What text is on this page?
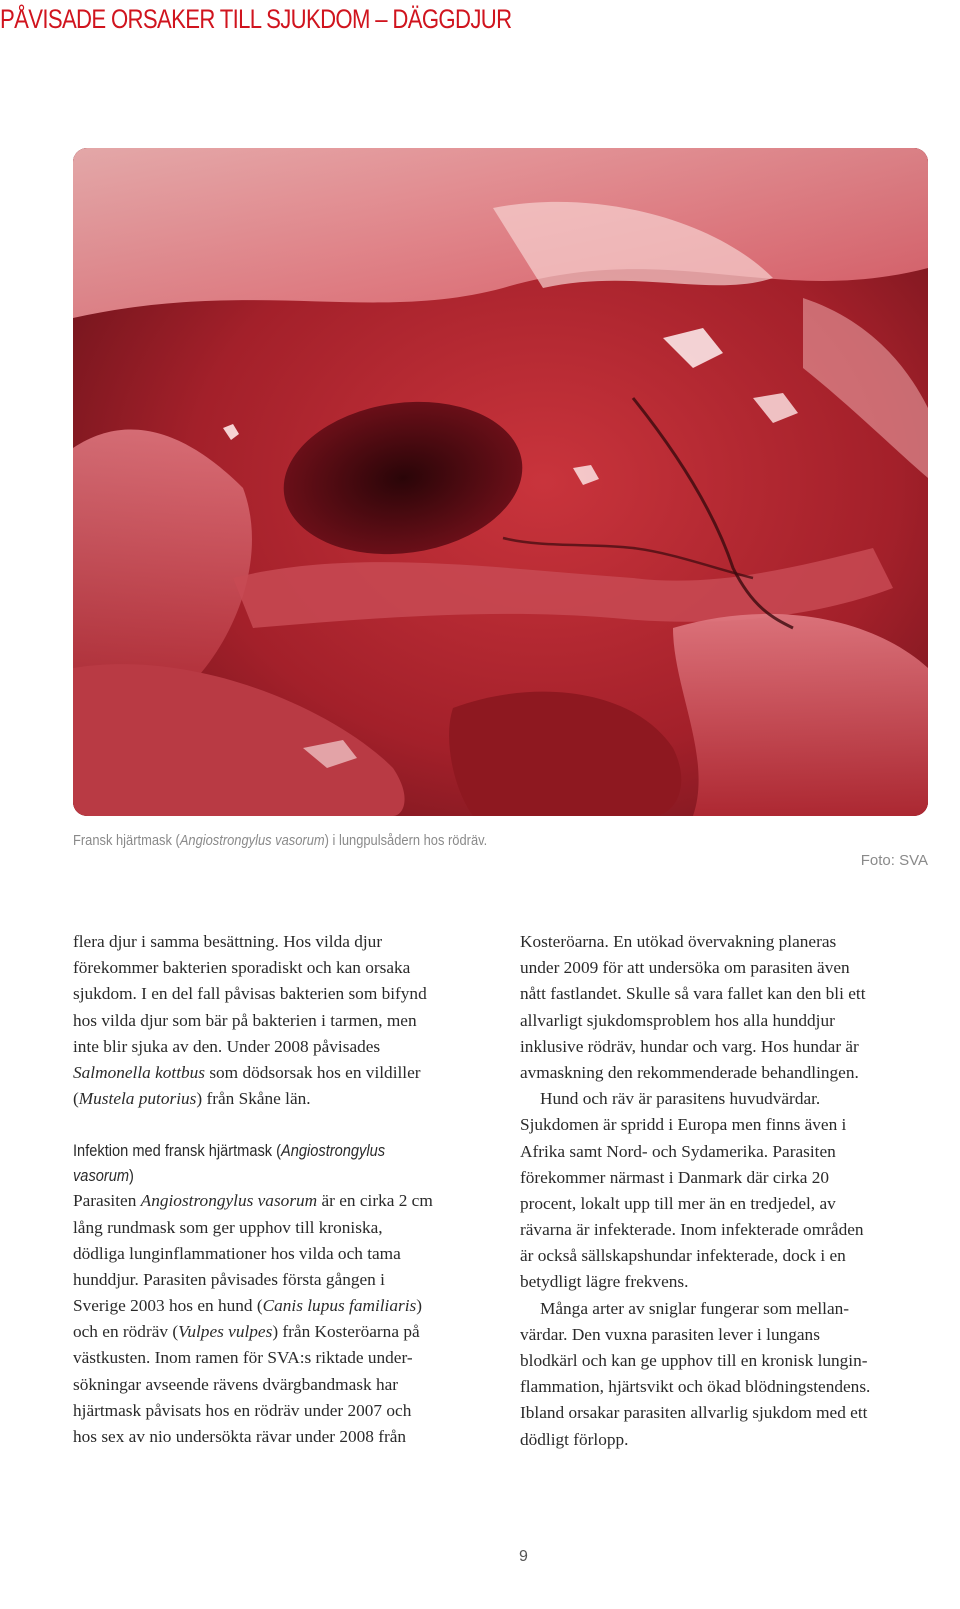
PÅVISADE ORSAKER TILL SJUKDOM – DÄGGDJUR
Fransk hjärtmask (Angiostrongylus vasorum) i lungpulsådern hos rödräv.
Foto: SVA
flera djur i samma besättning. Hos vilda djur
förekommer bakterien sporadiskt och kan orsaka
sjukdom. I en del fall påvisas bakterien som bifynd
hos vilda djur som bär på bakterien i tarmen, men
inte blir sjuka av den. Under 2008 påvisades
Salmonella kottbus som dödsorsak hos en vildiller
(Mustela putorius) från Skåne län.
Infektion med fransk hjärtmask (Angiostrongylus
vasorum)
Parasiten Angiostrongylus vasorum är en cirka 2 cm
lång rundmask som ger upphov till kroniska,
dödliga lunginflammationer hos vilda och tama
hunddjur. Parasiten påvisades första gången i
Sverige 2003 hos en hund (Canis lupus familiaris)
och en rödräv (Vulpes vulpes) från Kosteröarna på
västkusten. Inom ramen för SVA:s riktade under-
sökningar avseende rävens dvärgbandmask har
hjärtmask påvisats hos en rödräv under 2007 och
hos sex av nio undersökta rävar under 2008 från
Kosteröarna. En utökad övervakning planeras
under 2009 för att undersöka om parasiten även
nått fastlandet. Skulle så vara fallet kan den bli ett
allvarligt sjukdomsproblem hos alla hunddjur
inklusive rödräv, hundar och varg. Hos hundar är
avmaskning den rekommenderade behandlingen.
Hund och räv är parasitens huvudvärdar.
Sjukdomen är spridd i Europa men finns även i
Afrika samt Nord- och Sydamerika. Parasiten
förekommer närmast i Danmark där cirka 20
procent, lokalt upp till mer än en tredjedel, av
rävarna är infekterade. Inom infekterade områden
är också sällskapshundar infekterade, dock i en
betydligt lägre frekvens.
Många arter av sniglar fungerar som mellan-
värdar. Den vuxna parasiten lever i lungans
blodkärl och kan ge upphov till en kronisk lungin-
flammation, hjärtsvikt och ökad blödningstendens.
Ibland orsakar parasiten allvarlig sjukdom med ett
dödligt förlopp.
9
